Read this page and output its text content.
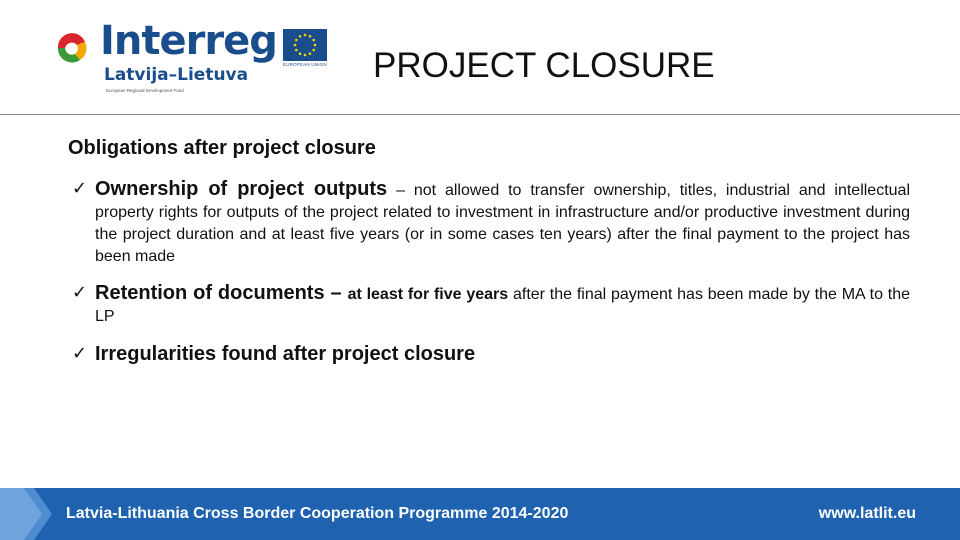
Interreg
Latvija–Lietuva
European Regional Development Fund
EUROPEAN UNION PROJECT CLOSURE
Obligations after project closure
✓ Ownership of project outputs – not allowed to transfer ownership, titles, industrial and intellectual property rights for outputs of the project related to investment in infrastructure and/or productive investment during the project duration and at least five years (or in some cases ten years) after the final payment to the project has been made
✓ Retention of documents – at least for five years after the final payment has been made by the MA to the LP
✓ Irregularities found after project closure
Latvia-Lithuania Cross Border Cooperation Programme 2014-2020	www.latlit.eu
